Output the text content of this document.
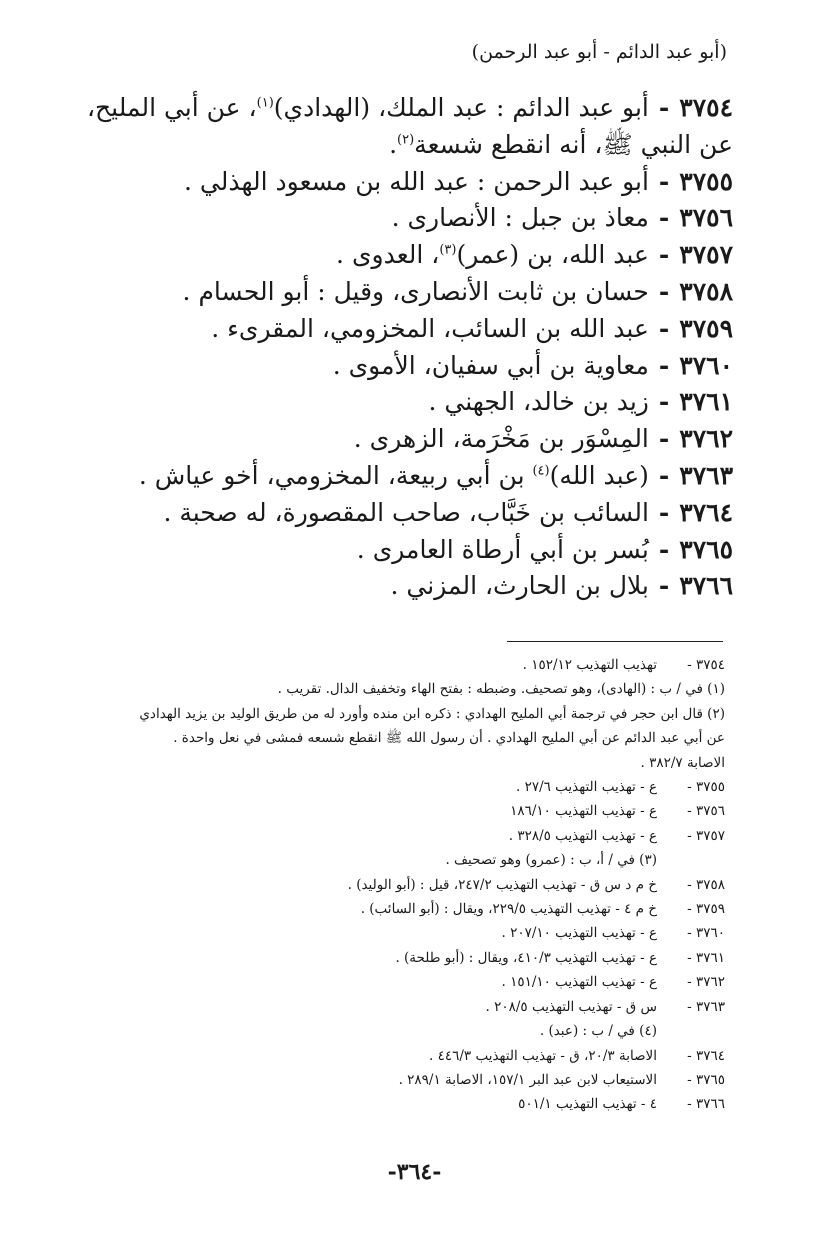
(أبو عبد الدائم - أبو عبد الرحمن)
٣٧٥٤-أبو عبد الدائم : عبد الملك، (الهدادي)$^{(١)}$، عن أبي المليح، عن النبي ﷺ، أنه انقطع شسعة$^{(٢)}$.
٣٧٥٥-أبو عبد الرحمن : عبد الله بن مسعود الهذلي .
٣٧٥٦-معاذ بن جبل : الأنصارى .
٣٧٥٧-عبد الله، بن (عمر)$^{(٣)}$، العدوى .
٣٧٥٨-حسان بن ثابت الأنصارى، وقيل : أبو الحسام .
٣٧٥٩-عبد الله بن السائب، المخزومي، المقرىء .
٣٧٦٠-معاوية بن أبي سفيان، الأموى .
٣٧٦١-زيد بن خالد، الجهني .
٣٧٦٢-المِسْوَر بن مَخْرَمة، الزهرى .
٣٧٦٣-(عبد الله)$^{(٤)}$ بن أبي ربيعة، المخزومي، أخو عياش .
٣٧٦٤-السائب بن خَبَّاب، صاحب المقصورة، له صحبة .
٣٧٦٥-بُسر بن أبي أرطاة العامرى .
٣٧٦٦-بلال بن الحارث، المزني .
٣٧٥٤ -
تهذيب التهذيب ١٥٢/١٢ .
(١) في / ب : (الهادى)، وهو تصحيف. وضبطه : بفتح الهاء وتخفيف الدال. تقريب .
(٢) قال ابن حجر في ترجمة أبي المليح الهدادي : ذكره ابن منده وأورد له من طريق الوليد بن يزيد الهدادي
عن أبي عبد الدائم عن أبي المليح الهدادي . أن رسول الله ﷺ انقطع شسعه فمشى في نعل واحدة .
الاصابة ٣٨٢/٧ .
٣٧٥٥ -
ع - تهذيب التهذيب ٢٧/٦ .
٣٧٥٦ -
ع - تهذيب التهذيب ١٨٦/١٠
٣٧٥٧ -
ع - تهذيب التهذيب ٣٢٨/٥ .
(٣) في / أ، ب : (عمرو) وهو تصحيف .
٣٧٥٨ -
خ م د س ق - تهذيب التهذيب ٢٤٧/٢، قيل : (أبو الوليد) .
٣٧٥٩ -
خ م ٤ - تهذيب التهذيب ٢٢٩/٥، ويقال : (أبو السائب) .
٣٧٦٠ -
ع - تهذيب التهذيب ٢٠٧/١٠ .
٣٧٦١ -
ع - تهذيب التهذيب ٤١٠/٣، ويقال : (أبو طلحة) .
٣٧٦٢ -
ع - تهذيب التهذيب ١٥١/١٠ .
٣٧٦٣ -
س ق - تهذيب التهذيب ٢٠٨/٥ .
(٤) في / ب : (عبد) .
٣٧٦٤ -
الاصابة ٢٠/٣، ق - تهذيب التهذيب ٤٤٦/٣ .
٣٧٦٥ -
الاستيعاب لابن عبد البر ١٥٧/١، الاصابة ٢٨٩/١ .
٣٧٦٦ -
٤ - تهذيب التهذيب ٥٠١/١
-٣٦٤-
